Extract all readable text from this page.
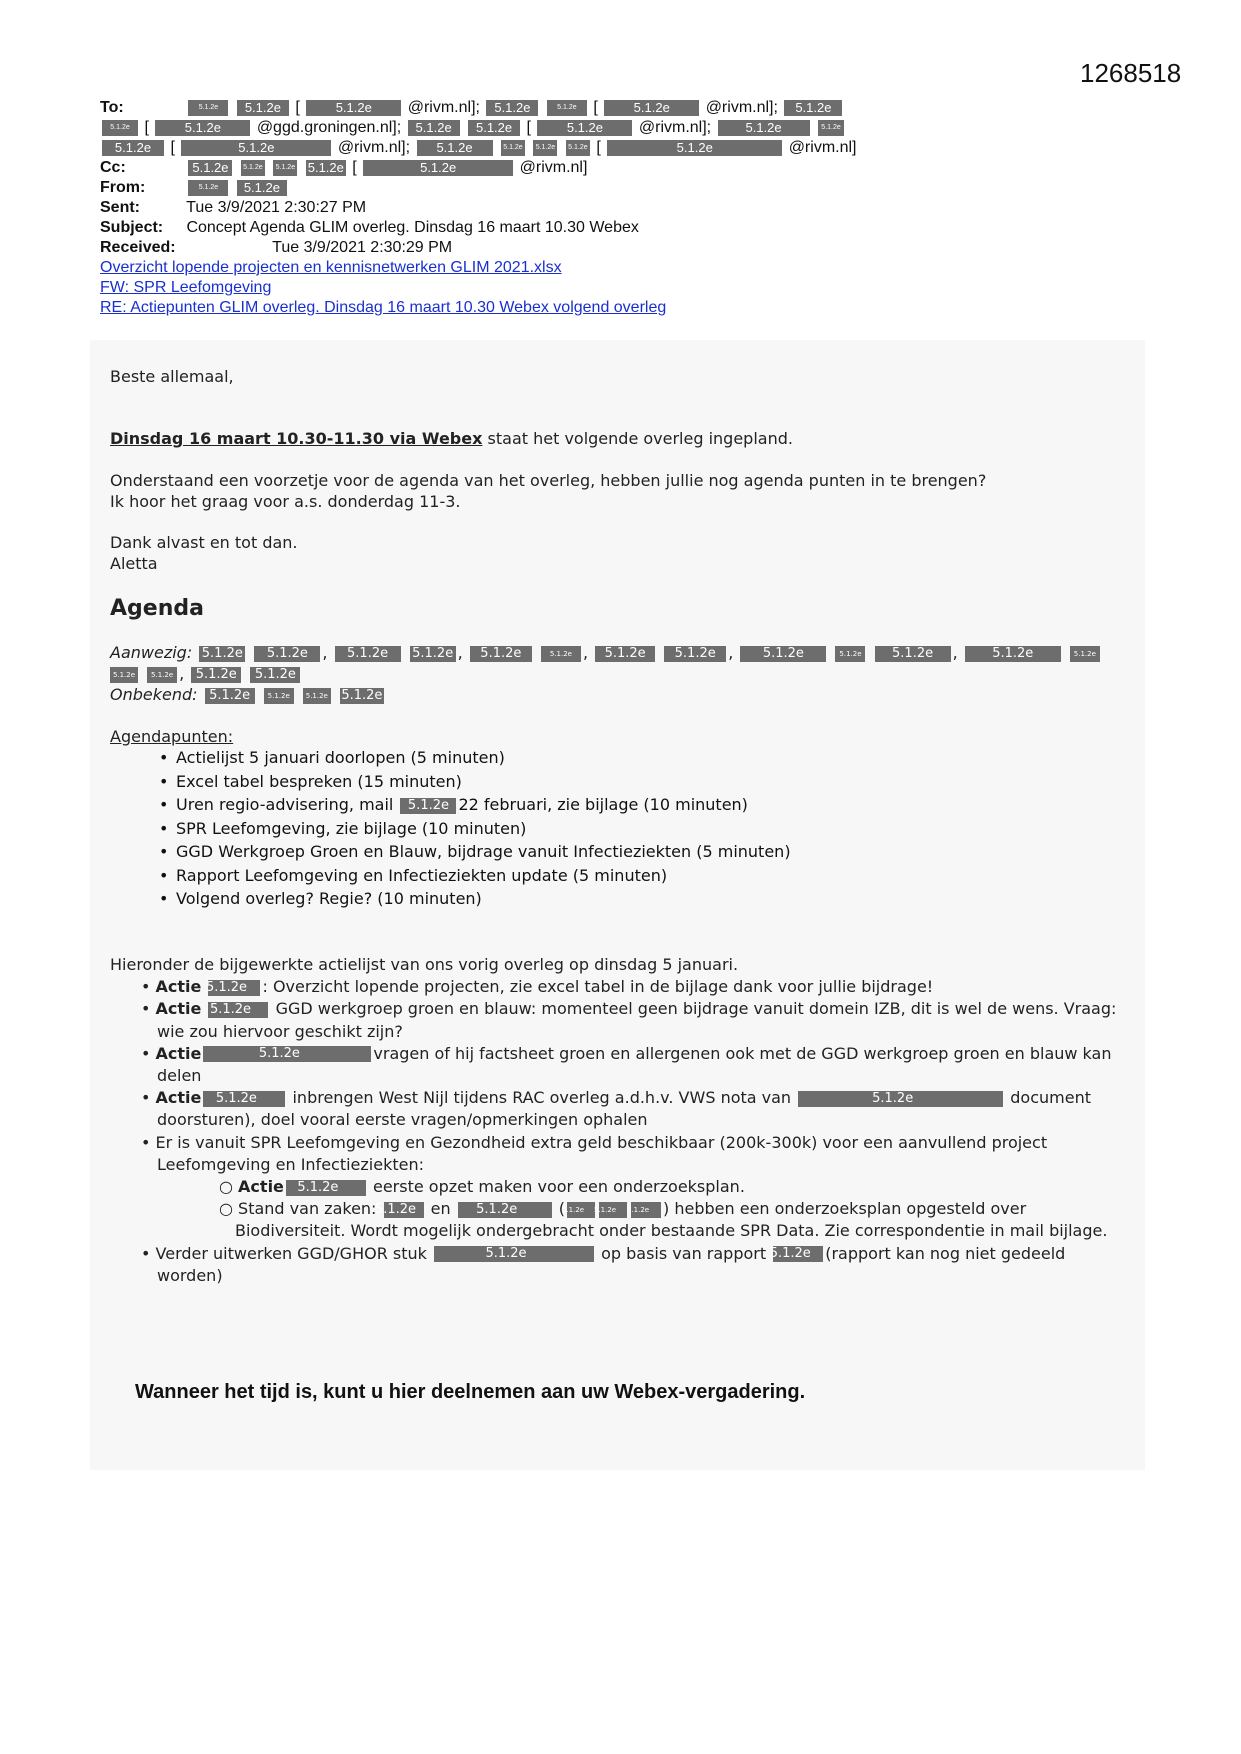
1268518
To:	5.1.2e 5.1.2e [	5.1.2e @rivm.nl]; 5.1.2e	5.1.2e [	5.1.2e @rivm.nl]; 5.1.2e
5.1.2e [	5.1.2e @ggd.groningen.nl]; 5.1.2e 5.1.2e [	5.1.2e @rivm.nl];	5.1.2e	5.1.2e
5.1.2e [	5.1.2e	@rivm.nl]; 5.1.2e	5.1.2e 5.1.2e 5.1.2e [	5.1.2e	@rivm.nl]
Cc:	5.1.2e 5.1.2e 5.1.2e 5.1.2e [	5.1.2e	@rivm.nl]
From:	5.1.2e 5.1.2e
Sent:	Tue 3/9/2021 2:30:27 PM
Subject: Concept Agenda GLIM overleg. Dinsdag 16 maart 10.30 Webex
Received:	Tue 3/9/2021 2:30:29 PM
Overzicht lopende projecten en kennisnetwerken GLIM 2021.xlsx
FW: SPR Leefomgeving
RE: Actiepunten GLIM overleg. Dinsdag 16 maart 10.30 Webex volgend overleg
Beste allemaal,
Dinsdag 16 maart 10.30-11.30 via Webex staat het volgende overleg ingepland.
Onderstaand een voorzetje voor de agenda van het overleg, hebben jullie nog agenda punten in te brengen?
Ik hoor het graag voor a.s. donderdag 11-3.
Dank alvast en tot dan.
Aletta
Agenda
Aanwezig: 5.1.2e 5.1.2e , 5.1.2e 5.1.2e , 5.1.2e	5.1.2e , 5.1.2e 5.1.2e , 5.1.2e	5.1.2e 5.1.2e , 5.1.2e	5.1.2e
5.1.2e 5.1.2e , 5.1.2e 5.1.2e
Onbekend: 5.1.2e	5.1.2e 5.1.2e 5.1.2e
Agendapunten:
• Actielijst 5 januari doorlopen (5 minuten)
• Excel tabel bespreken (15 minuten)
• Uren regio-advisering, mail 5.1.2e 22 februari, zie bijlage (10 minuten)
• SPR Leefomgeving, zie bijlage (10 minuten)
• GGD Werkgroep Groen en Blauw, bijdrage vanuit Infectieziekten (5 minuten)
• Rapport Leefomgeving en Infectieziekten update (5 minuten)
• Volgend overleg? Regie? (10 minuten)
Hieronder de bijgewerkte actielijst van ons vorig overleg op dinsdag 5 januari.
• Actie 5.1.2e : Overzicht lopende projecten, zie excel tabel in de bijlage dank voor jullie bijdrage!
• Actie 5.1.2e GGD werkgroep groen en blauw: momenteel geen bijdrage vanuit domein IZB, dit is wel de wens. Vraag: wie zou hiervoor geschikt zijn?
• Actie	5.1.2e	vragen of hij factsheet groen en allergenen ook met de GGD werkgroep groen en blauw kan delen
• Actie 5.1.2e inbrengen West Nijl tijdens RAC overleg a.d.h.v. VWS nota van	5.1.2e	document doorsturen), doel vooral eerste vragen/opmerkingen ophalen
• Er is vanuit SPR Leefomgeving en Gezondheid extra geld beschikbaar (200k-300k) voor een aanvullend project Leefomgeving en Infectieziekten:
○ Actie 5.1.2e eerste opzet maken voor een onderzoeksplan.
○ Stand van zaken: 5.1.2e en 5.1.2e (5.1.2e 5.1.2e 5.1.2e ) hebben een onderzoeksplan opgesteld over Biodiversiteit. Wordt mogelijk ondergebracht onder bestaande SPR Data. Zie correspondentie in mail bijlage.
• Verder uitwerken GGD/GHOR stuk	5.1.2e	op basis van rapport 5.1.2e (rapport kan nog niet gedeeld worden)
Wanneer het tijd is, kunt u hier deelnemen aan uw Webex-vergadering.
